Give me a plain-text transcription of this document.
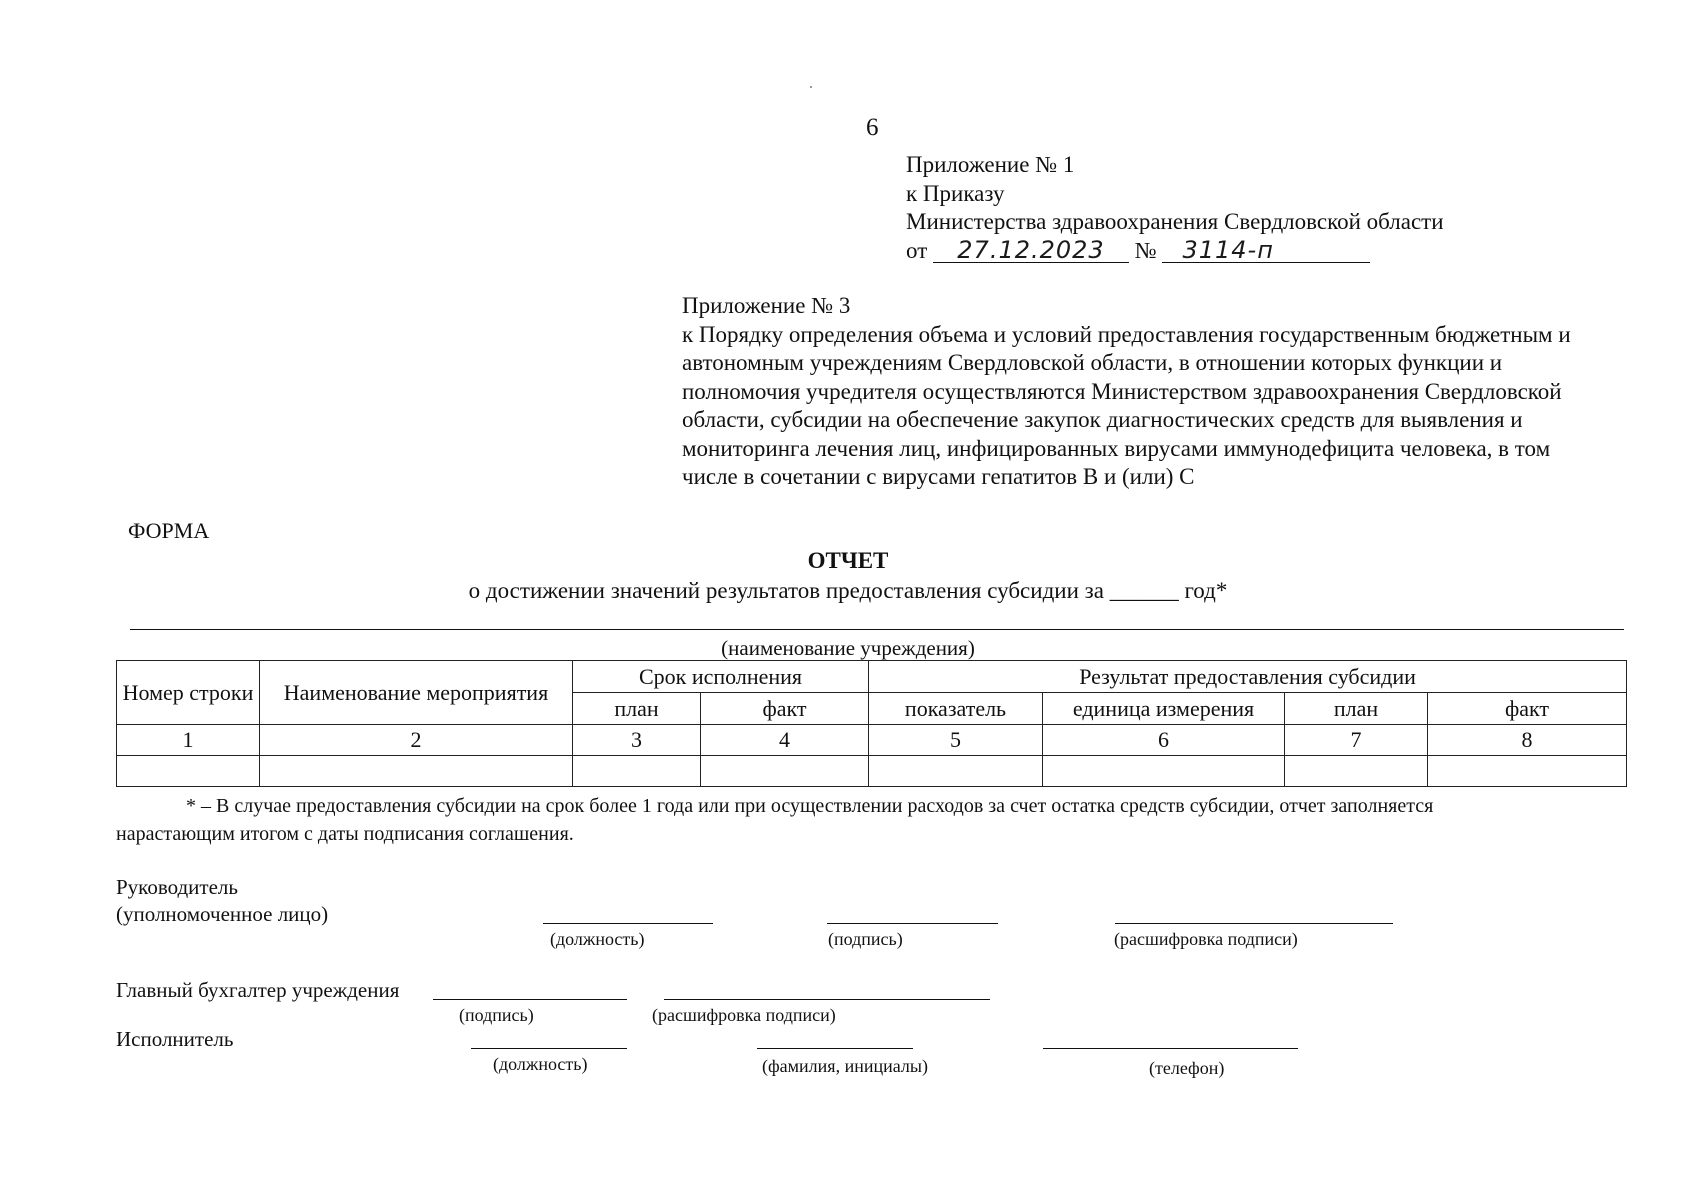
6
Приложение № 1
к Приказу
Министерства здравоохранения Свердловской области
от 27.12.2023 № 3114-п
Приложение № 3
к Порядку определения объема и условий предоставления государственным бюджетным и
автономным учреждениям Свердловской области, в отношении которых функции и
полномочия учредителя осуществляются Министерством здравоохранения Свердловской
области, субсидии на обеспечение закупок диагностических средств для выявления и
мониторинга лечения лиц, инфицированных вирусами иммунодефицита человека, в том
числе в сочетании с вирусами гепатитов В и (или) С
ФОРМА
ОТЧЕТ
о достижении значений результатов предоставления субсидии за ______ год*
(наименование учреждения)
Номер строки	Наименование мероприятия	Срок исполнения		Результат предоставления субсидии			
		план	факт	показатель	единица измерения	план	факт
1	2	3	4	5	6	7	8

* – В случае предоставления субсидии на срок более 1 года или при осуществлении расходов за счет остатка средств субсидии, отчет заполняется
нарастающим итогом с даты подписания соглашения.
Руководитель
(уполномоченное лицо)
(должность)	(подпись)	(расшифровка подписи)
Главный бухгалтер учреждения
(подпись)	(расшифровка подписи)
Исполнитель
(должность)	(фамилия, инициалы)	(телефон)
